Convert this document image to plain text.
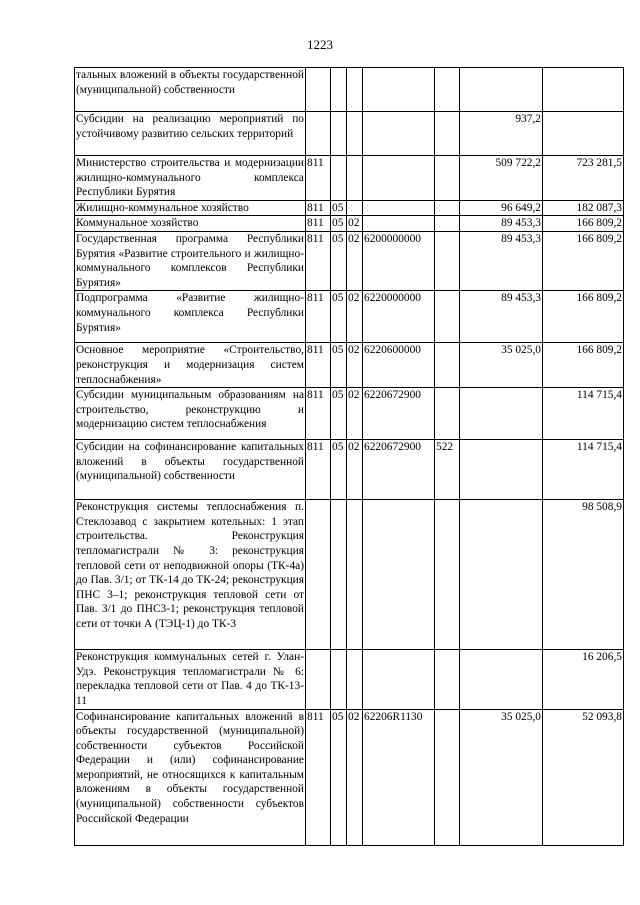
1223
тальных вложений в объекты государственной (муниципальной) собственности							
Субсидии на реализацию мероприятий по устойчивому развитию сельских территорий						937,2	
Министерство строительства и модернизации жилищно-коммунального комплекса Республики Бурятия	811					509 722,2	723 281,5
Жилищно-коммунальное хозяйство	811	05				96 649,2	182 087,3
Коммунальное хозяйство	811	05	02			89 453,3	166 809,2
Государственная программа Республики Бурятия «Развитие строительного и жилищно-коммунального комплексов Республики Бурятия»	811	05	02	6200000000		89 453,3	166 809,2
Подпрограмма «Развитие жилищно-коммунального комплекса Республики Бурятия»	811	05	02	6220000000		89 453,3	166 809,2
Основное мероприятие «Строительство, реконструкция и модернизация систем теплоснабжения»	811	05	02	6220600000		35 025,0	166 809,2
Субсидии муниципальным образованиям на строительство, реконструкцию и модернизацию систем теплоснабжения	811	05	02	6220672900			114 715,4
Субсидии на софинансирование капитальных вложений в объекты государственной (муниципальной) собственности	811	05	02	6220672900	522		114 715,4
Реконструкция системы теплоснабжения п. Стеклозавод с закрытием котельных: 1 этап строительства. Реконструкция тепломагистрали № 3: реконструкция тепловой сети от неподвижной опоры (ТК-4а) до Пав. 3/1; от ТК-14 до ТК-24; реконструкция ПНС 3–1; реконструкция тепловой сети от Пав. 3/1 до ПНС3-1; реконструкция тепловой сети от точки А (ТЭЦ-1) до ТК-3							98 508,9
Реконструкция коммунальных сетей г. Улан-Удэ. Реконструкция тепломагистрали № 6: перекладка тепловой сети от Пав. 4 до ТК-13-11							16 206,5
Софинансирование капитальных вложений в объекты государственной (муниципальной) собственности субъектов Российской Федерации и (или) софинансирование мероприятий, не относящихся к капитальным вложениям в объекты государственной (муниципальной) собственности субъектов Российской Федерации	811	05	02	62206R1130		35 025,0	52 093,8
